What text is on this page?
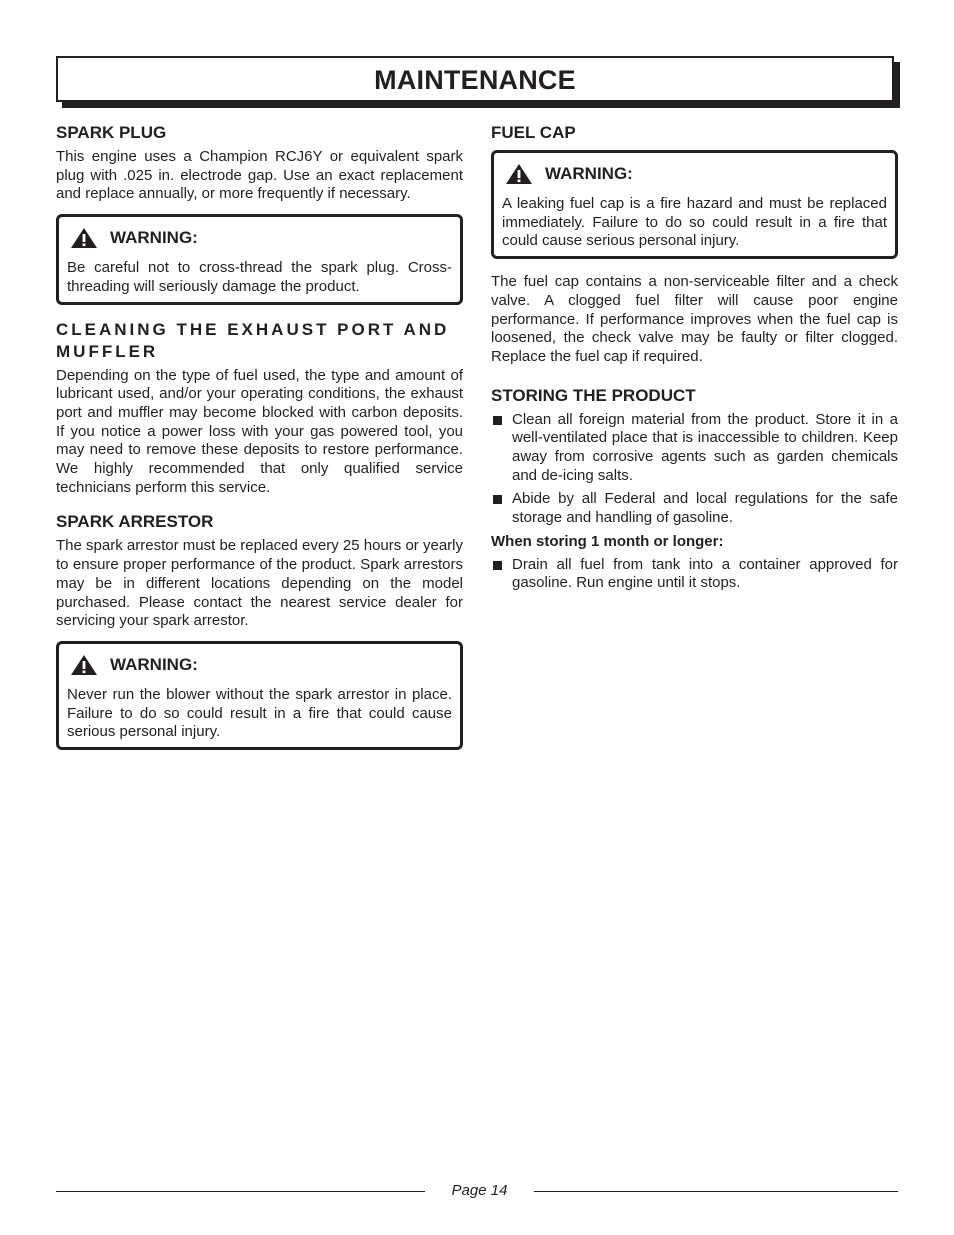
MAINTENANCE
SPARK PLUG

This engine uses a Champion RCJ6Y or equivalent spark plug with .025 in. electrode gap. Use an exact replacement and replace annually, or more frequently if necessary.

WARNING:

Be careful not to cross-thread the spark plug. Cross-threading will seriously damage the product.

CLEANING THE EXHAUST PORT AND MUFFLER

Depending on the type of fuel used, the type and amount of lubricant used, and/or your operating conditions, the exhaust port and muffler may become blocked with carbon deposits. If you notice a power loss with your gas powered tool, you may need to remove these deposits to restore performance. We highly recommended that only qualified service technicians perform this service.

SPARK ARRESTOR

The spark arrestor must be replaced every 25 hours or yearly to ensure proper performance of the product. Spark arrestors may be in different locations depending on the model purchased. Please contact the nearest service dealer for servicing your spark arrestor.

WARNING:

Never run the blower without the spark arrestor in place. Failure to do so could result in a fire that could cause serious personal injury.

FUEL CAP
WARNING:

A leaking fuel cap is a fire hazard and must be replaced immediately. Failure to do so could result in a fire that could cause serious personal injury.

The fuel cap contains a non-serviceable filter and a check valve. A clogged fuel filter will cause poor engine performance. If performance improves when the fuel cap is loosened, the check valve may be faulty or filter clogged. Replace the fuel cap if required.

STORING THE PRODUCT
Clean all foreign material from the product. Store it in a well-ventilated place that is inaccessible to children. Keep away from corrosive agents such as garden chemicals and de-icing salts.
Abide by all Federal and local regulations for the safe storage and handling of gasoline.
When storing 1 month or longer:
Drain all fuel from tank into a container approved for gasoline. Run engine until it stops.
Page 14
